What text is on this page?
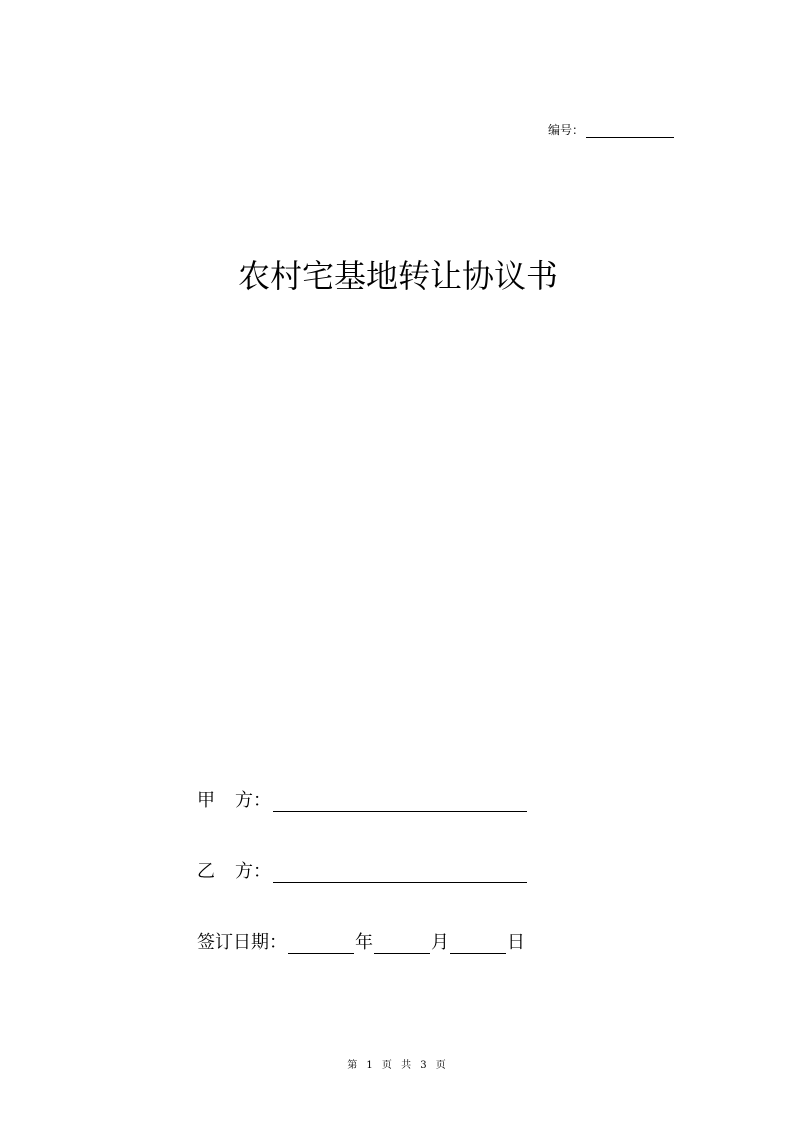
编号：
农村宅基地转让协议书
甲	方：
乙	方：
签订日期：	年	月	日
第 1 页 共 3 页
